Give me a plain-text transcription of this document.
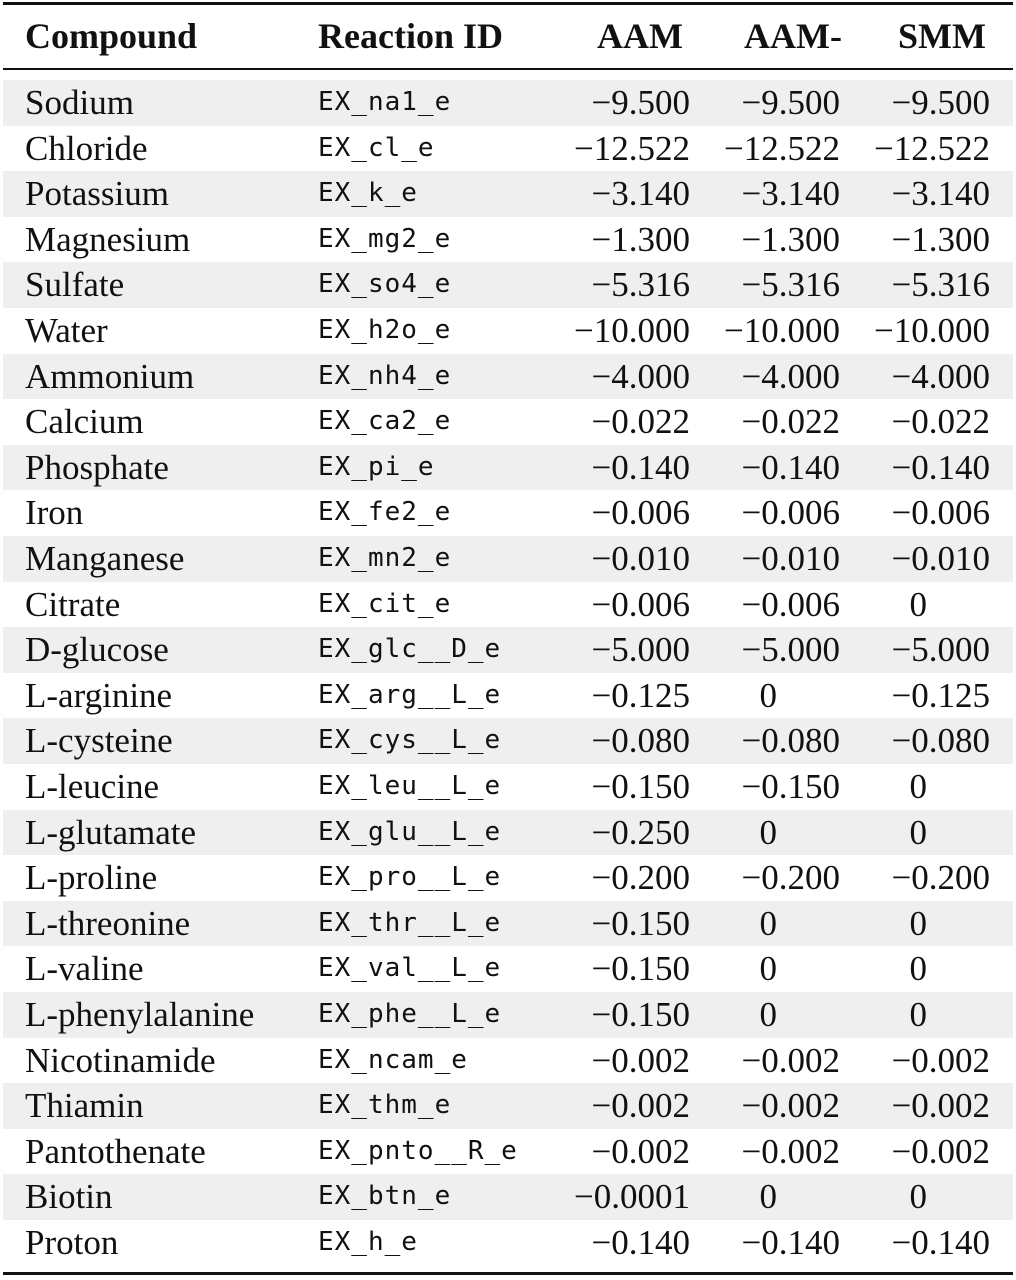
Compound	Reaction ID	AAM AAM- SMM
Sodium	EX_na1_e	−9.500 −9.500 −9.500
Chloride	EX_cl_e	−12.522 −12.522 −12.522
Potassium	EX_k_e	−3.140 −3.140 −3.140
Magnesium	EX_mg2_e	−1.300 −1.300 −1.300
Sulfate	EX_so4_e	−5.316 −5.316 −5.316
Water	EX_h2o_e	−10.000 −10.000 −10.000
Ammonium	EX_nh4_e	−4.000 −4.000 −4.000
Calcium	EX_ca2_e	−0.022 −0.022 −0.022
Phosphate	EX_pi_e	−0.140 −0.140 −0.140
Iron	EX_fe2_e	−0.006 −0.006 −0.006
Manganese	EX_mn2_e	−0.010 −0.010 −0.010
Citrate	EX_cit_e	−0.006 −0.006 0
D-glucose	EX_glc__D_e	−5.000 −5.000 −5.000
L-arginine	EX_arg__L_e	−0.125 0	−0.125
L-cysteine	EX_cys__L_e	−0.080 −0.080 −0.080
L-leucine	EX_leu__L_e	−0.150 −0.150 0
L-glutamate	EX_glu__L_e	−0.250 0	0
L-proline	EX_pro__L_e	−0.200 −0.200 −0.200
L-threonine	EX_thr__L_e	−0.150 0	0
L-valine	EX_val__L_e	−0.150 0	0
L-phenylalanine EX_phe__L_e	−0.150 0	0
Nicotinamide	EX_ncam_e	−0.002 −0.002 −0.002
Thiamin	EX_thm_e	−0.002 −0.002 −0.002
Pantothenate	EX_pnto__R_e −0.002 −0.002 −0.002
Biotin	EX_btn_e	−0.0001 0	0
Proton	EX_h_e	−0.140 −0.140 −0.140
